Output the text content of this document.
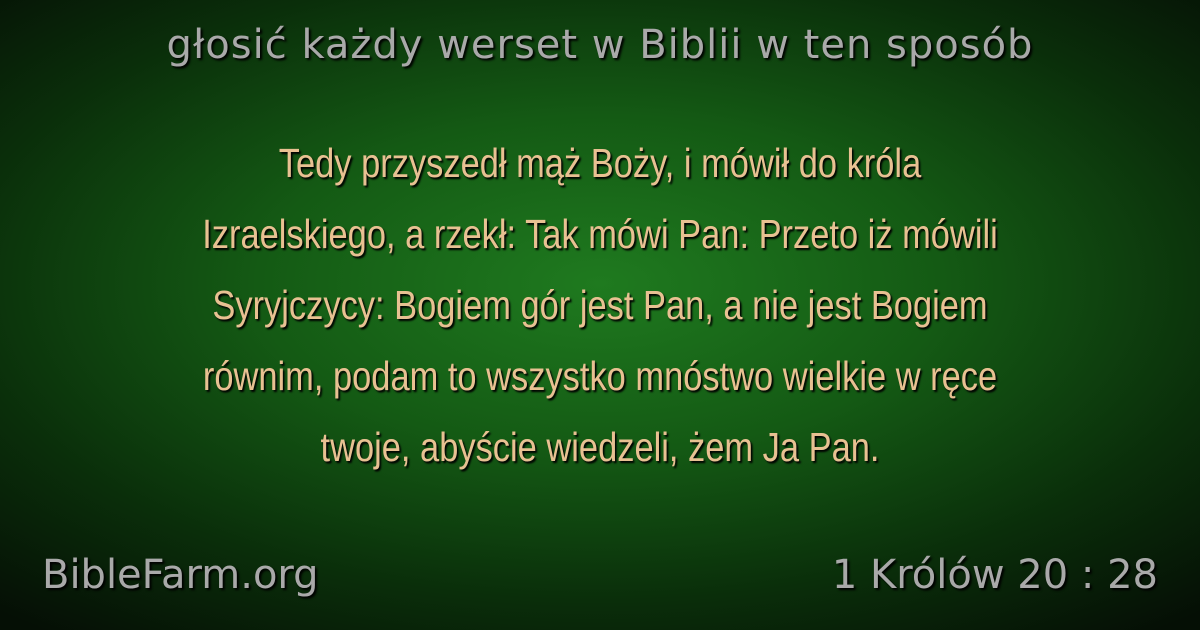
głosić każdy werset w Biblii w ten sposób
Tedy przyszedł mąż Boży, i mówił do króla
Izraelskiego, a rzekł: Tak mówi Pan: Przeto iż mówili
Syryjczycy: Bogiem gór jest Pan, a nie jest Bogiem
równim, podam to wszystko mnóstwo wielkie w ręce
twoje, abyście wiedzeli, żem Ja Pan.
BibleFarm.org	1 Królów 20 : 28
